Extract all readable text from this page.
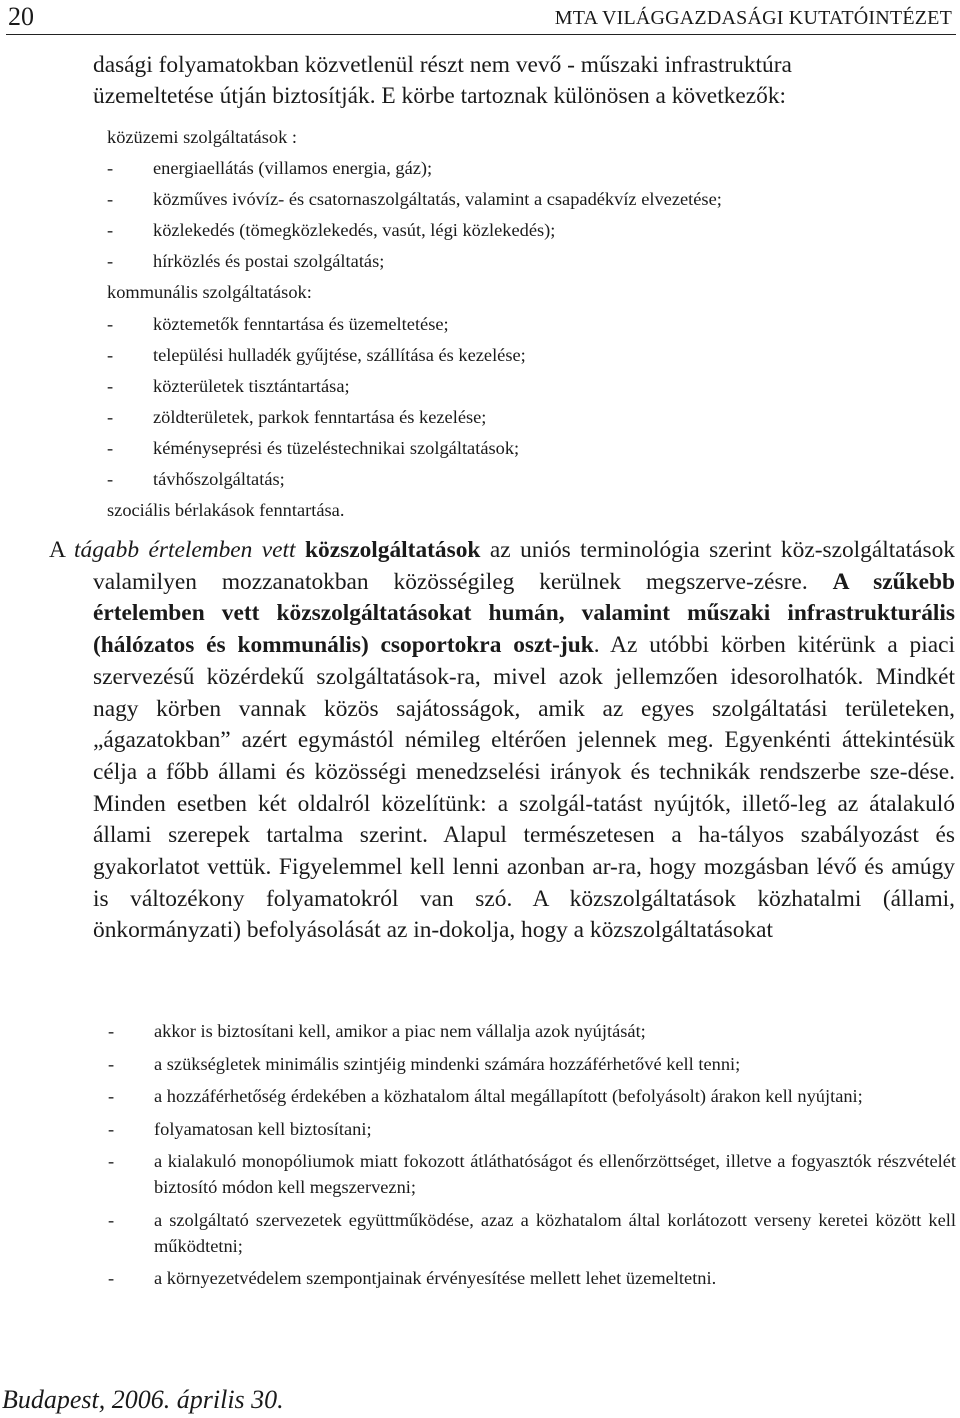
20	MTA VILÁGGAZDASÁGI KUTATÓINTÉZET
dasági folyamatokban közvetlenül részt nem vevő - műszaki infrastruktúra
üzemeltetése útján biztosítják. E körbe tartoznak különösen a következők:
közüzemi szolgáltatások :
- energiaellátás (villamos energia, gáz);
- közműves ivóvíz- és csatornaszolgáltatás, valamint a csapadékvíz elvezetése;
- közlekedés (tömegközlekedés, vasút, légi közlekedés);
- hírközlés és postai szolgáltatás;
kommunális szolgáltatások:
- köztemetők fenntartása és üzemeltetése;
- települési hulladék gyűjtése, szállítása és kezelése;
- közterületek tisztántartása;
- zöldterületek, parkok fenntartása és kezelése;
- kéményseprési és tüzeléstechnikai szolgáltatások;
- távhőszolgáltatás;
szociális bérlakások fenntartása.
A tágabb értelemben vett közszolgáltatások az uniós terminológia szerint köz-szolgáltatások valamilyen mozzanatokban közösségileg kerülnek megszerve-zésre. A szűkebb értelemben vett közszolgáltatásokat humán, valamint műszaki infrastrukturális (hálózatos és kommunális) csoportokra oszt-juk. Az utóbbi körben kitérünk a piaci szervezésű közérdekű szolgáltatások-ra, mivel azok jellemzően idesorolhatók. Mindkét nagy körben vannak közös sajátosságok, amik az egyes szolgáltatási területeken, „ágazatokban” azért egymástól némileg eltérően jelennek meg. Egyenkénti áttekintésük célja a főbb állami és közösségi menedzselési irányok és technikák rendszerbe sze-dése. Minden esetben két oldalról közelítünk: a szolgál-tatást nyújtók, illető-leg az átalakuló állami szerepek tartalma szerint. Alapul természetesen a ha-tályos szabályozást és gyakorlatot vettük. Figyelemmel kell lenni azonban ar-ra, hogy mozgásban lévő és amúgy is változékony folyamatokról van szó. A közszolgáltatások közhatalmi (állami, önkormányzati) befolyásolását az in-dokolja, hogy a közszolgáltatásokat
- akkor is biztosítani kell, amikor a piac nem vállalja azok nyújtását;
- a szükségletek minimális szintjéig mindenki számára hozzáférhetővé kell tenni;
- a hozzáférhetőség érdekében a közhatalom által megállapított (befolyásolt) árakon kell nyújtani;
- folyamatosan kell biztosítani;
- a kialakuló monopóliumok miatt fokozott átláthatóságot és ellenőrzöttséget, illetve a fogyasztók részvételét biztosító módon kell megszervezni;
- a szolgáltató szervezetek együttműködése, azaz a közhatalom által korlátozott verseny keretei között kell működtetni;
- a környezetvédelem szempontjainak érvényesítése mellett lehet üzemeltetni.
Budapest, 2006. április 30.
